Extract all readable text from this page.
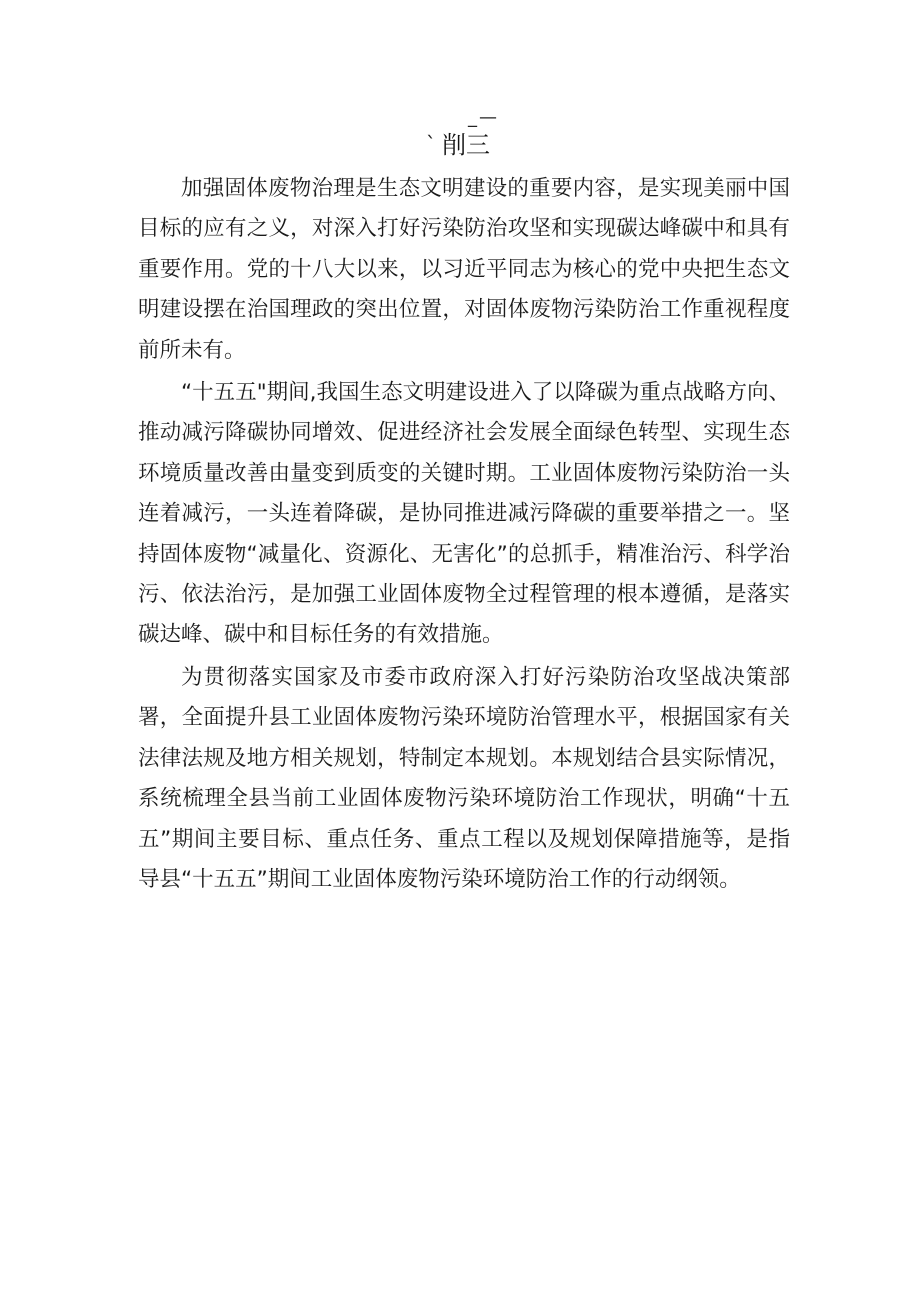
_—
` 削三

加强固体废物治理是生态文明建设的重要内容，是实现美丽中国目标的应有之义，对深入打好污染防治攻坚和实现碳达峰碳中和具有重要作用。党的十八大以来，以习近平同志为核心的党中央把生态文明建设摆在治国理政的突出位置，对固体废物污染防治工作重视程度前所未有。

“十五五"期间,我国生态文明建设进入了以降碳为重点战略方向、推动减污降碳协同增效、促进经济社会发展全面绿色转型、实现生态环境质量改善由量变到质变的关键时期。工业固体废物污染防治一头连着减污，一头连着降碳，是协同推进减污降碳的重要举措之一。坚持固体废物“减量化、资源化、无害化”的总抓手，精准治污、科学治污、依法治污，是加强工业固体废物全过程管理的根本遵循，是落实碳达峰、碳中和目标任务的有效措施。

为贯彻落实国家及市委市政府深入打好污染防治攻坚战决策部署，全面提升县工业固体废物污染环境防治管理水平，根据国家有关法律法规及地方相关规划，特制定本规划。本规划结合县实际情况，系统梳理全县当前工业固体废物污染环境防治工作现状，明确“十五五”期间主要目标、重点任务、重点工程以及规划保障措施等，是指导县“十五五”期间工业固体废物污染环境防治工作的行动纲领。
